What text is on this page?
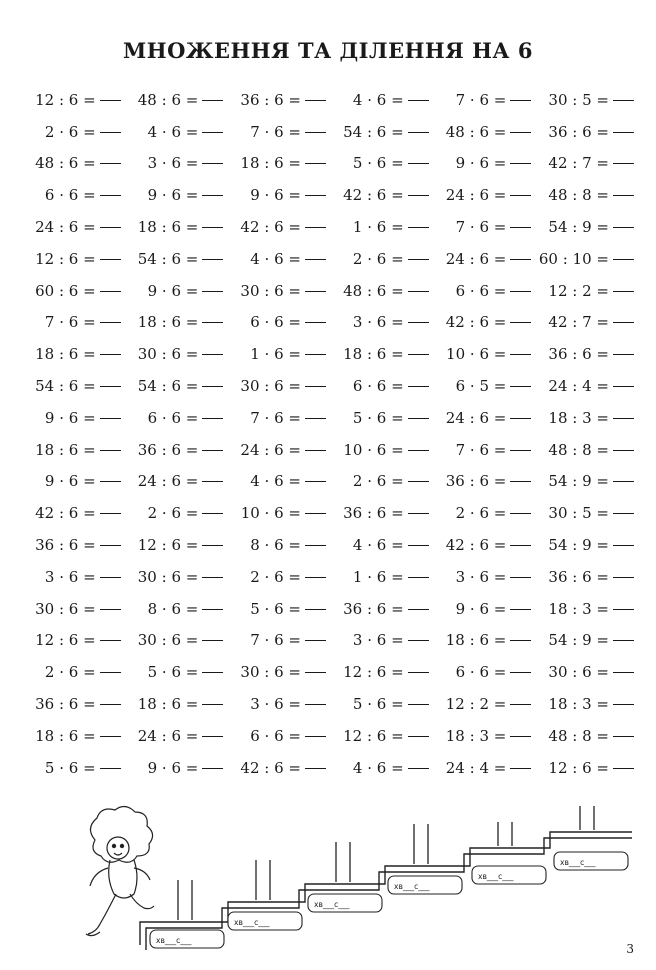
МНОЖЕННЯ ТА ДІЛЕННЯ НА 6
12 : 6 =	48 : 6 =	36 : 6 =	4 · 6 =	7 · 6 =	30 : 5 =
2 · 6 =	4 · 6 =	7 · 6 =	54 : 6 =	48 : 6 =	36 : 6 =
48 : 6 =	3 · 6 =	18 : 6 =	5 · 6 =	9 · 6 =	42 : 7 =
6 · 6 =	9 · 6 =	9 · 6 =	42 : 6 =	24 : 6 =	48 : 8 =
24 : 6 =	18 : 6 =	42 : 6 =	1 · 6 =	7 · 6 =	54 : 9 =
12 : 6 =	54 : 6 =	4 · 6 =	2 · 6 =	24 : 6 = 60 : 10 =
60 : 6 =	9 · 6 =	30 : 6 =	48 : 6 =	6 · 6 =	12 : 2 =
7 · 6 =	18 : 6 =	6 · 6 =	3 · 6 =	42 : 6 =	42 : 7 =
18 : 6 =	30 : 6 =	1 · 6 =	18 : 6 =	10 · 6 =	36 : 6 =
54 : 6 =	54 : 6 =	30 : 6 =	6 · 6 =	6 · 5 =	24 : 4 =
9 · 6 =	6 · 6 =	7 · 6 =	5 · 6 =	24 : 6 =	18 : 3 =
18 : 6 =	36 : 6 =	24 : 6 =	10 · 6 =	7 · 6 =	48 : 8 =
9 · 6 =	24 : 6 =	4 · 6 =	2 · 6 =	36 : 6 =	54 : 9 =
42 : 6 =	2 · 6 =	10 · 6 =	36 : 6 =	2 · 6 =	30 : 5 =
36 : 6 =	12 : 6 =	8 · 6 =	4 · 6 =	42 : 6 =	54 : 9 =
3 · 6 =	30 : 6 =	2 · 6 =	1 · 6 =	3 · 6 =	36 : 6 =
30 : 6 =	8 · 6 =	5 · 6 =	36 : 6 =	9 · 6 =	18 : 3 =
12 : 6 =	30 : 6 =	7 · 6 =	3 · 6 =	18 : 6 =	54 : 9 =
2 · 6 =	5 · 6 =	30 : 6 =	12 : 6 =	6 · 6 =	30 : 6 =
36 : 6 =	18 : 6 =	3 · 6 =	5 · 6 =	12 : 2 =	18 : 3 =
18 : 6 =	24 : 6 =	6 · 6 =	12 : 6 =	18 : 3 =	48 : 8 =
5 · 6 =	9 · 6 =	42 : 6 =	4 · 6 =	24 : 4 =	12 : 6 =
хв___с___
хв___с___
хв___с___
хв___с___
хв___с___
хв___с___
3
